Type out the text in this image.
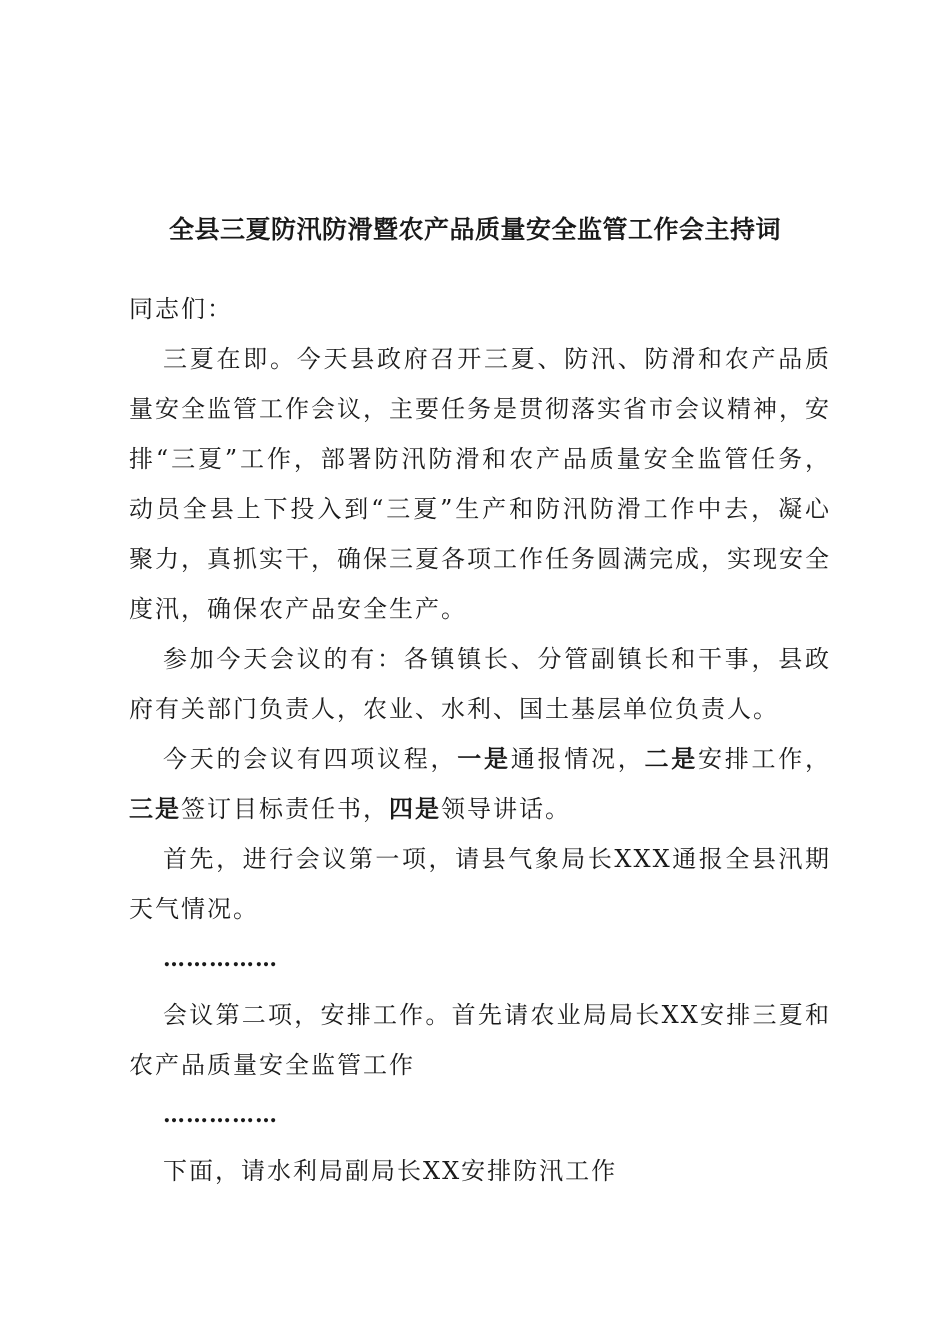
全县三夏防汛防滑暨农产品质量安全监管工作会主持词

同志们：

三夏在即。今天县政府召开三夏、防汛、防滑和农产品质量安全监管工作会议，主要任务是贯彻落实省市会议精神，安排“三夏”工作，部署防汛防滑和农产品质量安全监管任务，动员全县上下投入到“三夏”生产和防汛防滑工作中去，凝心聚力，真抓实干，确保三夏各项工作任务圆满完成，实现安全度汛，确保农产品安全生产。

参加今天会议的有：各镇镇长、分管副镇长和干事，县政府有关部门负责人，农业、水利、国土基层单位负责人。

今天的会议有四项议程，一是通报情况，二是安排工作，三是签订目标责任书，四是领导讲话。

首先，进行会议第一项，请县气象局长XXX通报全县汛期天气情况。

……………

会议第二项，安排工作。首先请农业局局长XX安排三夏和农产品质量安全监管工作

……………

下面，请水利局副局长XX安排防汛工作
